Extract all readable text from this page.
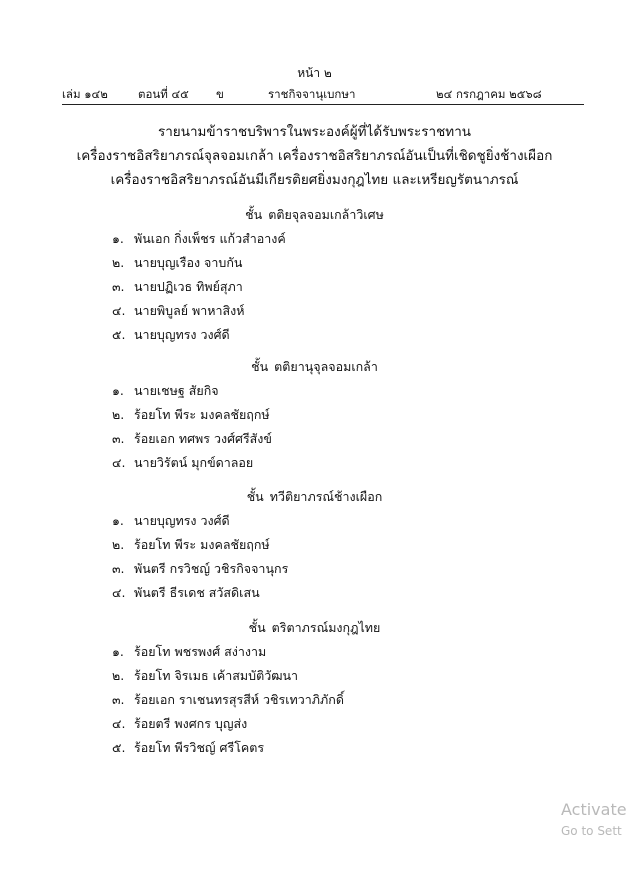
หน้า ๒
เล่ม ๑๔๒	ตอนที่ ๔๕ ข	ราชกิจจานุเบกษา	๒๔ กรกฎาคม ๒๕๖๘
รายนามข้าราชบริพารในพระองค์ผู้ที่ได้รับพระราชทาน
เครื่องราชอิสริยาภรณ์จุลจอมเกล้า เครื่องราชอิสริยาภรณ์อันเป็นที่เชิดชูยิ่งช้างเผือก
เครื่องราชอิสริยาภรณ์อันมีเกียรติยศยิ่งมงกุฎไทย และเหรียญรัตนาภรณ์
ชั้น ตติยจุลจอมเกล้าวิเศษ
๑. พันเอก กิ่งเพ็ชร แก้วสำอางค์
๒. นายบุญเรือง จาบกัน
๓. นายปฏิเวธ ทิพย์สุภา
๔. นายพิบูลย์ พาหาสิงห์
๕. นายบุญทรง วงศ์ดี
ชั้น ตติยานุจุลจอมเกล้า
๑. นายเชษฐ สัยกิจ
๒. ร้อยโท พีระ มงคลชัยฤกษ์
๓. ร้อยเอก ทศพร วงศ์ศรีสังข์
๔. นายวิรัตน์ มุกข์ดาลอย
ชั้น ทวีติยาภรณ์ช้างเผือก
๑. นายบุญทรง วงศ์ดี
๒. ร้อยโท พีระ มงคลชัยฤกษ์
๓. พันตรี กรวิชญ์ วชิรกิจจานุกร
๔. พันตรี ธีรเดช สวัสดิเสน
ชั้น ตริตาภรณ์มงกุฎไทย
๑. ร้อยโท พชรพงศ์ สง่างาม
๒. ร้อยโท จิรเมธ เค้าสมบัติวัฒนา
๓. ร้อยเอก ราเชนทรสุรสีห์ วชิรเทวาภิภักดิ์
๔. ร้อยตรี พงศกร บุญส่ง
๕. ร้อยโท พีรวิชญ์ ศรีโคตร
Activate
Go to Sett
